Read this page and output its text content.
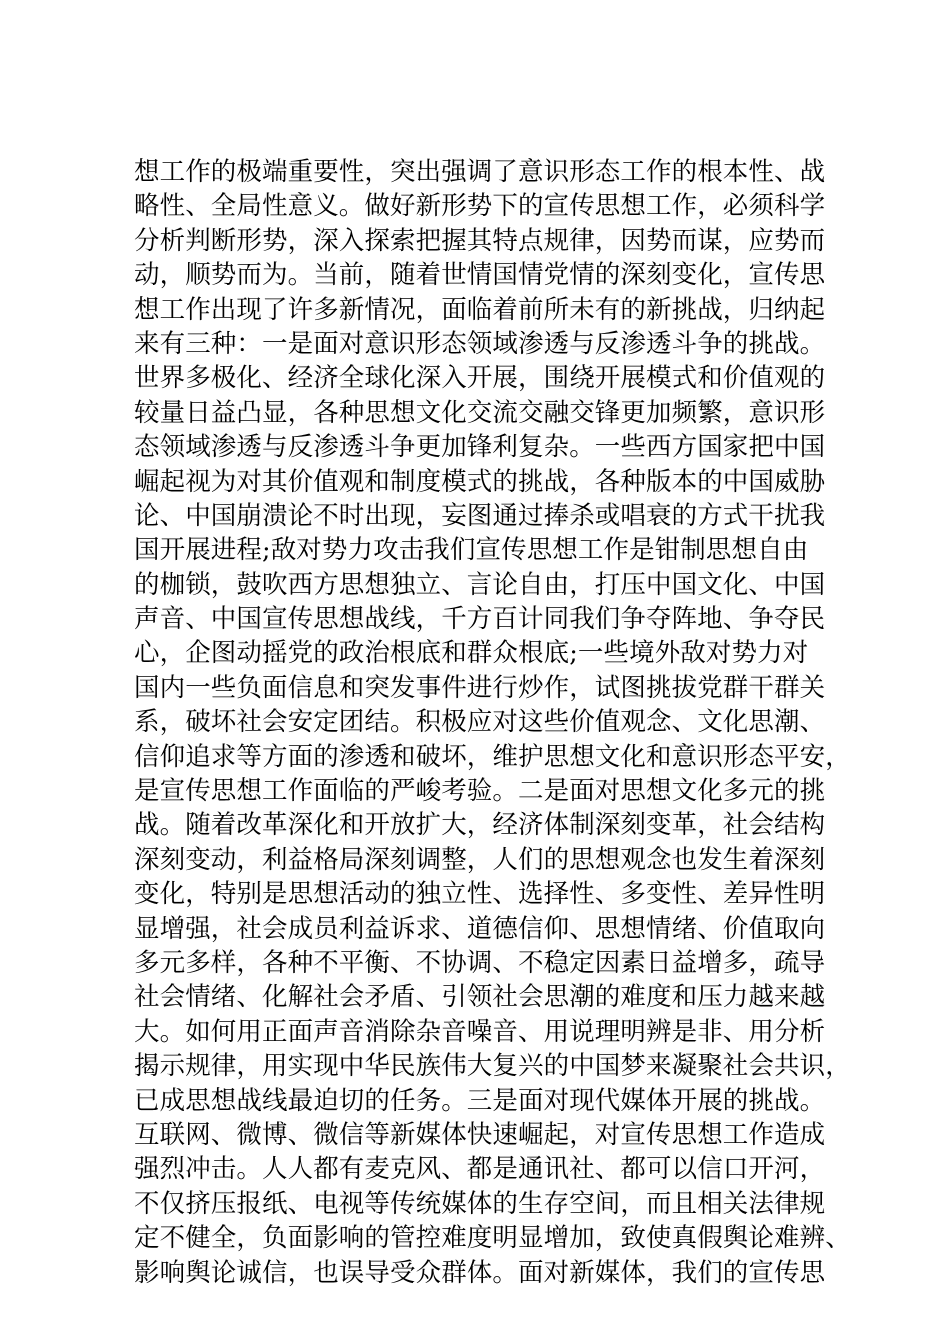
想工作的极端重要性，突出强调了意识形态工作的根本性、战
略性、全局性意义。做好新形势下的宣传思想工作，必须科学
分析判断形势，深入探索把握其特点规律，因势而谋，应势而
动，顺势而为。当前，随着世情国情党情的深刻变化，宣传思
想工作出现了许多新情况，面临着前所未有的新挑战，归纳起
来有三种：一是面对意识形态领域渗透与反渗透斗争的挑战。
世界多极化、经济全球化深入开展，围绕开展模式和价值观的
较量日益凸显，各种思想文化交流交融交锋更加频繁，意识形
态领域渗透与反渗透斗争更加锋利复杂。一些西方国家把中国
崛起视为对其价值观和制度模式的挑战，各种版本的中国威胁
论、中国崩溃论不时出现，妄图通过捧杀或唱衰的方式干扰我
国开展进程;敌对势力攻击我们宣传思想工作是钳制思想自由
的枷锁，鼓吹西方思想独立、言论自由，打压中国文化、中国
声音、中国宣传思想战线，千方百计同我们争夺阵地、争夺民
心，企图动摇党的政治根底和群众根底;一些境外敌对势力对
国内一些负面信息和突发事件进行炒作，试图挑拔党群干群关
系，破坏社会安定团结。积极应对这些价值观念、文化思潮、
信仰追求等方面的渗透和破坏，维护思想文化和意识形态平安，
是宣传思想工作面临的严峻考验。二是面对思想文化多元的挑
战。随着改革深化和开放扩大，经济体制深刻变革，社会结构
深刻变动，利益格局深刻调整，人们的思想观念也发生着深刻
变化，特别是思想活动的独立性、选择性、多变性、差异性明
显增强，社会成员利益诉求、道德信仰、思想情绪、价值取向
多元多样，各种不平衡、不协调、不稳定因素日益增多，疏导
社会情绪、化解社会矛盾、引领社会思潮的难度和压力越来越
大。如何用正面声音消除杂音噪音、用说理明辨是非、用分析
揭示规律，用实现中华民族伟大复兴的中国梦来凝聚社会共识，
已成思想战线最迫切的任务。三是面对现代媒体开展的挑战。
互联网、微博、微信等新媒体快速崛起，对宣传思想工作造成
强烈冲击。人人都有麦克风、都是通讯社、都可以信口开河，
不仅挤压报纸、电视等传统媒体的生存空间，而且相关法律规
定不健全，负面影响的管控难度明显增加，致使真假舆论难辨、
影响舆论诚信，也误导受众群体。面对新媒体，我们的宣传思
